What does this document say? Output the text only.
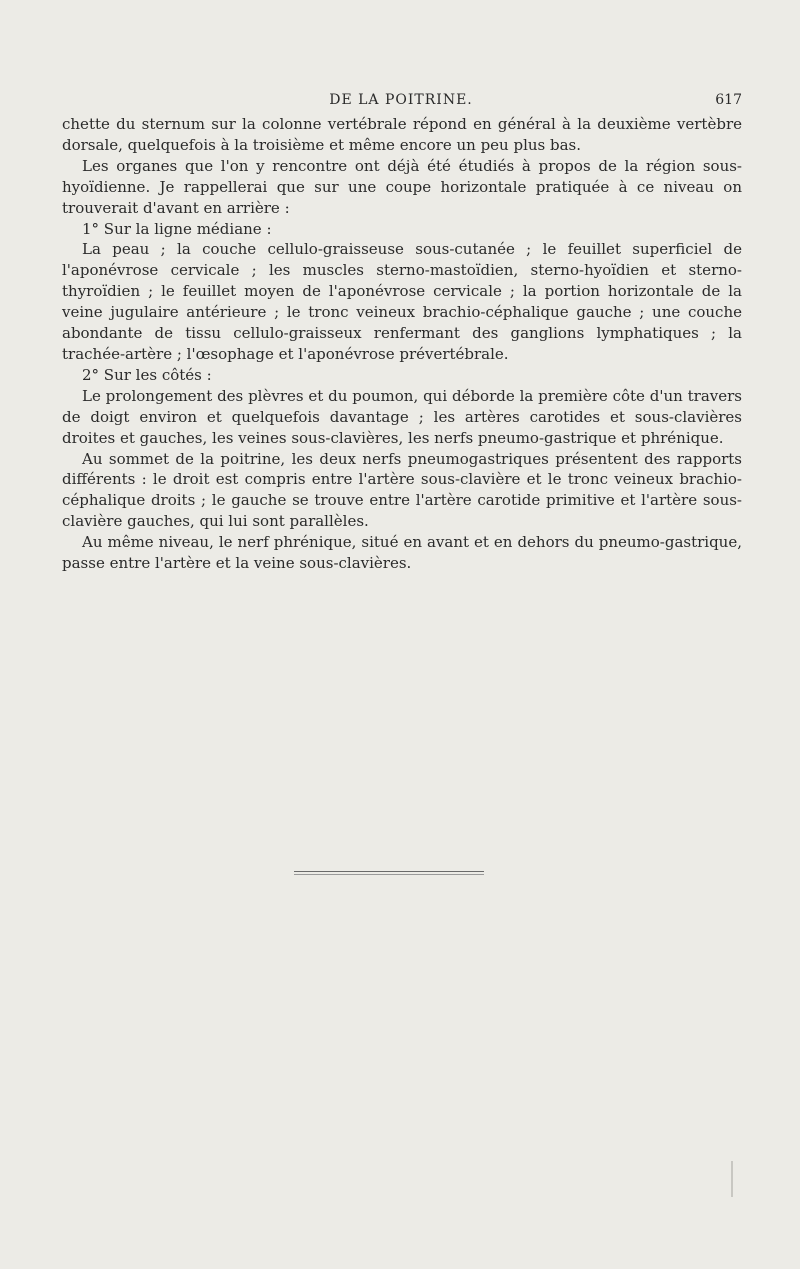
DE LA POITRINE.	617

chette du sternum sur la colonne vertébrale répond en général à la deuxième vertèbre dorsale, quelquefois à la troisième et même encore un peu plus bas.

Les organes que l'on y rencontre ont déjà été étudiés à propos de la région sous-hyoïdienne. Je rappellerai que sur une coupe horizontale pratiquée à ce niveau on trouverait d'avant en arrière :

1° Sur la ligne médiane :

La peau ; la couche cellulo-graisseuse sous-cutanée ; le feuillet superficiel de l'aponévrose cervicale ; les muscles sterno-mastoïdien, sterno-hyoïdien et sterno-thyroïdien ; le feuillet moyen de l'aponévrose cervicale ; la portion horizontale de la veine jugulaire antérieure ; le tronc veineux brachio-céphalique gauche ; une couche abondante de tissu cellulo-graisseux renfermant des ganglions lymphatiques ; la trachée-artère ; l'œsophage et l'aponévrose prévertébrale.

2° Sur les côtés :

Le prolongement des plèvres et du poumon, qui déborde la première côte d'un travers de doigt environ et quelquefois davantage ; les artères carotides et sous-clavières droites et gauches, les veines sous-clavières, les nerfs pneumo-gastrique et phrénique.

Au sommet de la poitrine, les deux nerfs pneumogastriques présentent des rapports différents : le droit est compris entre l'artère sous-clavière et le tronc veineux brachio-céphalique droits ; le gauche se trouve entre l'artère carotide primitive et l'artère sous-clavière gauches, qui lui sont parallèles.

Au même niveau, le nerf phrénique, situé en avant et en dehors du pneumo-gastrique, passe entre l'artère et la veine sous-clavières.
